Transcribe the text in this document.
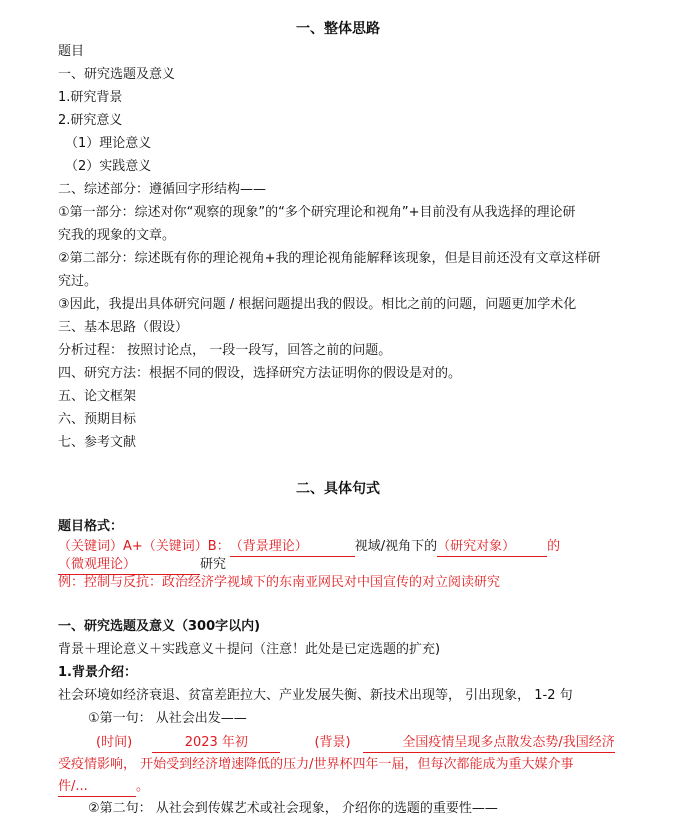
一、整体思路
题目
一、研究选题及意义
1.研究背景
2.研究意义
（1）理论意义
（2）实践意义
二、综述部分：遵循回字形结构——
①第一部分：综述对你“观察的现象”的“多个研究理论和视角”+目前没有从我选择的理论研
究我的现象的文章。
②第二部分：综述既有你的理论视角+我的理论视角能解释该现象，但是目前还没有文章这样研
究过。
③因此，我提出具体研究问题 / 根据问题提出我的假设。相比之前的问题，问题更加学术化
三、基本思路（假设）
分析过程： 按照讨论点， 一段一段写，回答之前的问题。
四、研究方法：根据不同的假设，选择研究方法证明你的假设是对的。
五、论文框架
六、预期目标
七、参考文献
二、具体句式
题目格式：
（关键词）A+（关键词）B：（背景理论）	视域/视角下的（研究对象） 的
（微观理论）	研究
例：控制与反抗：政治经济学视域下的东南亚网民对中国宣传的对立阅读研究
一、研究选题及意义（300字以内)
背景＋理论意义＋实践意义＋提问（注意！此处是已定选题的扩充)
1.背景介绍：
社会环境如经济衰退、贫富差距拉大、产业发展失衡、新技术出现等， 引出现象， 1-2 句
①第一句： 从社会出发——
(时间)	2023 年初	(背景)	全国疫情呈现多点散发态势/我国经济
受疫情影响， 开始受到经济增速降低的压力/世界杯四年一届，但每次都能成为重大媒介事
件/...	。
②第二句： 从社会到传媒艺术或社会现象， 介绍你的选题的重要性——
